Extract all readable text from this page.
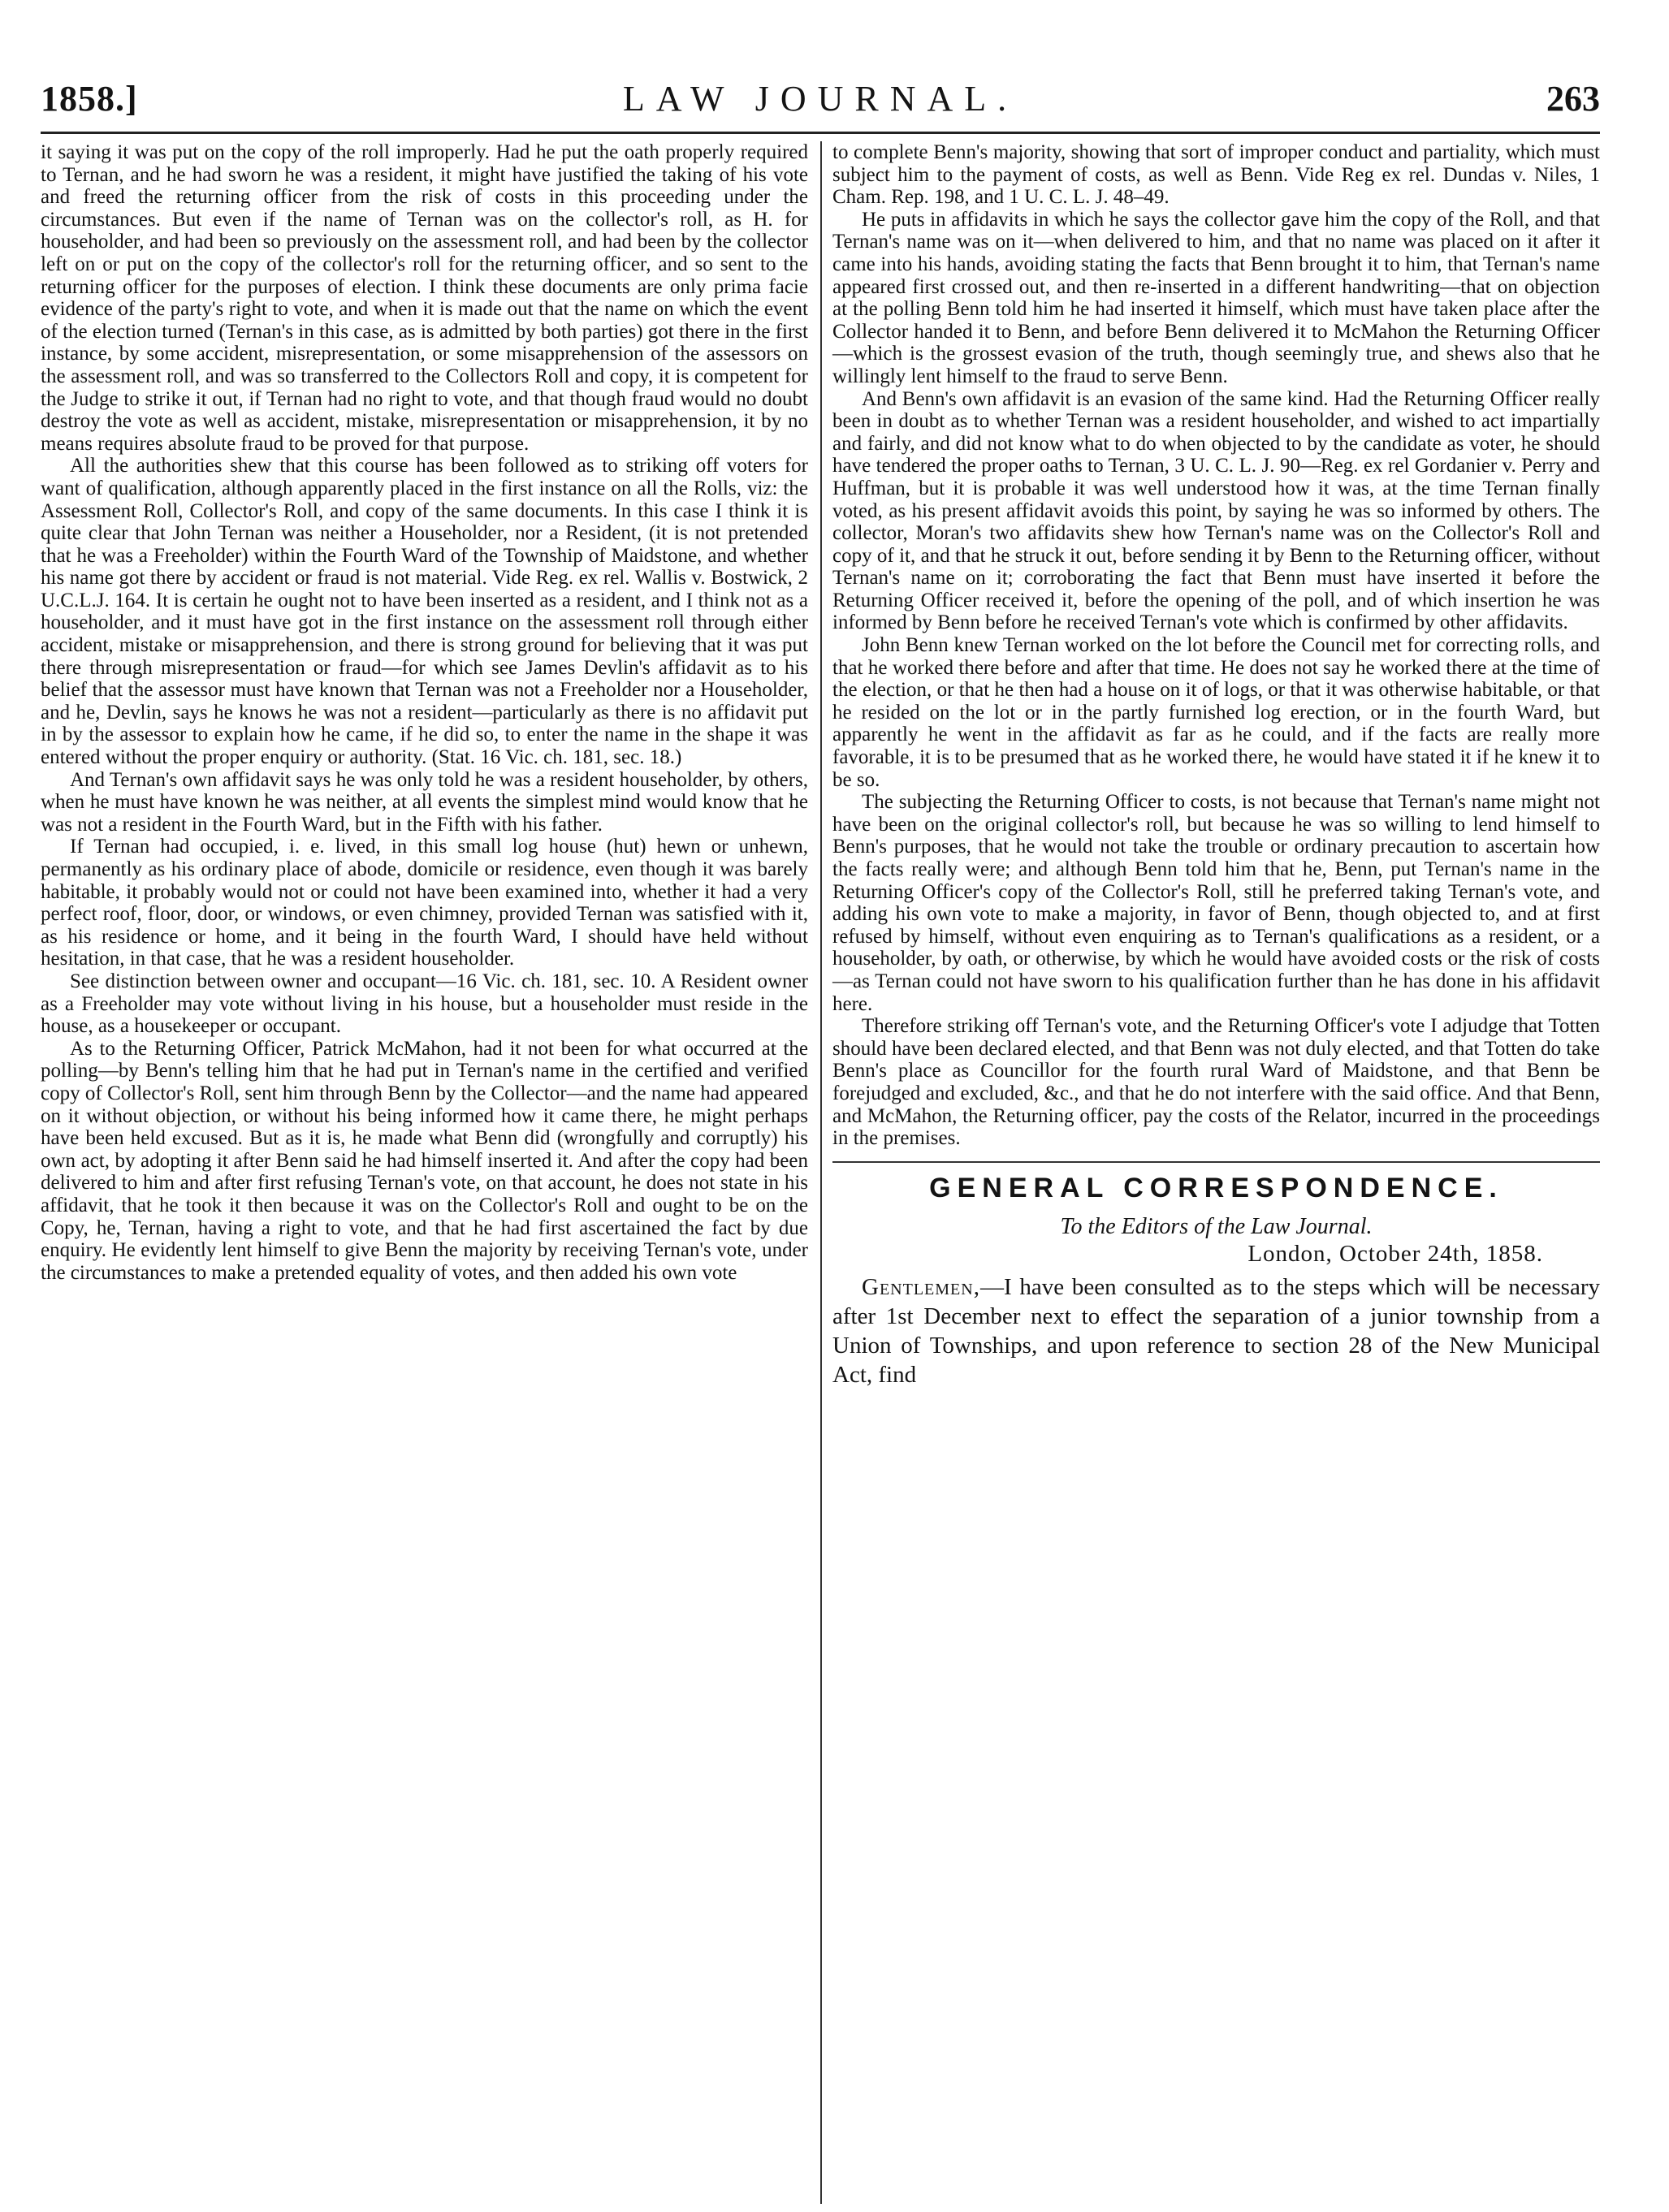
LAW JOURNAL.
1858.]	263

it saying it was put on the copy of the roll improperly. Had he put the oath properly required to Ternan, and he had sworn he was a resident, it might have justified the taking of his vote and freed the returning officer from the risk of costs in this proceeding under the circumstances. But even if the name of Ternan was on the collector's roll, as H. for householder, and had been so previously on the assessment roll, and had been by the collector left on or put on the copy of the collector's roll for the returning officer, and so sent to the returning officer for the purposes of election. I think these documents are only prima facie evidence of the party's right to vote, and when it is made out that the name on which the event of the election turned (Ternan's in this case, as is admitted by both parties) got there in the first instance, by some accident, misrepresentation, or some misapprehension of the assessors on the assessment roll, and was so transferred to the Collectors Roll and copy, it is competent for the Judge to strike it out, if Ternan had no right to vote, and that though fraud would no doubt destroy the vote as well as accident, mistake, misrepresentation or misapprehension, it by no means requires absolute fraud to be proved for that purpose.

All the authorities shew that this course has been followed as to striking off voters for want of qualification, although apparently placed in the first instance on all the Rolls, viz: the Assessment Roll, Collector's Roll, and copy of the same documents. In this case I think it is quite clear that John Ternan was neither a Householder, nor a Resident, (it is not pretended that he was a Freeholder) within the Fourth Ward of the Township of Maidstone, and whether his name got there by accident or fraud is not material. Vide Reg. ex rel. Wallis v. Bostwick, 2 U.C.L.J. 164. It is certain he ought not to have been inserted as a resident, and I think not as a householder, and it must have got in the first instance on the assessment roll through either accident, mistake or misapprehension, and there is strong ground for believing that it was put there through misrepresentation or fraud—for which see James Devlin's affidavit as to his belief that the assessor must have known that Ternan was not a Freeholder nor a Householder, and he, Devlin, says he knows he was not a resident—particularly as there is no affidavit put in by the assessor to explain how he came, if he did so, to enter the name in the shape it was entered without the proper enquiry or authority. (Stat. 16 Vic. ch. 181, sec. 18.)

And Ternan's own affidavit says he was only told he was a resident householder, by others, when he must have known he was neither, at all events the simplest mind would know that he was not a resident in the Fourth Ward, but in the Fifth with his father.

If Ternan had occupied, i. e. lived, in this small log house (hut) hewn or unhewn, permanently as his ordinary place of abode, domicile or residence, even though it was barely habitable, it probably would not or could not have been examined into, whether it had a very perfect roof, floor, door, or windows, or even chimney, provided Ternan was satisfied with it, as his residence or home, and it being in the fourth Ward, I should have held without hesitation, in that case, that he was a resident householder.

See distinction between owner and occupant—16 Vic. ch. 181, sec. 10. A Resident owner as a Freeholder may vote without living in his house, but a householder must reside in the house, as a housekeeper or occupant.

As to the Returning Officer, Patrick McMahon, had it not been for what occurred at the polling—by Benn's telling him that he had put in Ternan's name in the certified and verified copy of Collector's Roll, sent him through Benn by the Collector—and the name had appeared on it without objection, or without his being informed how it came there, he might perhaps have been held excused. But as it is, he made what Benn did (wrongfully and corruptly) his own act, by adopting it after Benn said he had himself inserted it. And after the copy had been delivered to him and after first refusing Ternan's vote, on that account, he does not state in his affidavit, that he took it then because it was on the Collector's Roll and ought to be on the Copy, he, Ternan, having a right to vote, and that he had first ascertained the fact by due enquiry. He evidently lent himself to give Benn the majority by receiving Ternan's vote, under the circumstances to make a pretended equality of votes, and then added his own vote

to complete Benn's majority, showing that sort of improper conduct and partiality, which must subject him to the payment of costs, as well as Benn. Vide Reg ex rel. Dundas v. Niles, 1 Cham. Rep. 198, and 1 U. C. L. J. 48–49.

He puts in affidavits in which he says the collector gave him the copy of the Roll, and that Ternan's name was on it—when delivered to him, and that no name was placed on it after it came into his hands, avoiding stating the facts that Benn brought it to him, that Ternan's name appeared first crossed out, and then re-inserted in a different handwriting—that on objection at the polling Benn told him he had inserted it himself, which must have taken place after the Collector handed it to Benn, and before Benn delivered it to McMahon the Returning Officer—which is the grossest evasion of the truth, though seemingly true, and shews also that he willingly lent himself to the fraud to serve Benn.

And Benn's own affidavit is an evasion of the same kind. Had the Returning Officer really been in doubt as to whether Ternan was a resident householder, and wished to act impartially and fairly, and did not know what to do when objected to by the candidate as voter, he should have tendered the proper oaths to Ternan, 3 U. C. L. J. 90—Reg. ex rel Gordanier v. Perry and Huffman, but it is probable it was well understood how it was, at the time Ternan finally voted, as his present affidavit avoids this point, by saying he was so informed by others. The collector, Moran's two affidavits shew how Ternan's name was on the Collector's Roll and copy of it, and that he struck it out, before sending it by Benn to the Returning officer, without Ternan's name on it; corroborating the fact that Benn must have inserted it before the Returning Officer received it, before the opening of the poll, and of which insertion he was informed by Benn before he received Ternan's vote which is confirmed by other affidavits.

John Benn knew Ternan worked on the lot before the Council met for correcting rolls, and that he worked there before and after that time. He does not say he worked there at the time of the election, or that he then had a house on it of logs, or that it was otherwise habitable, or that he resided on the lot or in the partly furnished log erection, or in the fourth Ward, but apparently he went in the affidavit as far as he could, and if the facts are really more favorable, it is to be presumed that as he worked there, he would have stated it if he knew it to be so.

The subjecting the Returning Officer to costs, is not because that Ternan's name might not have been on the original collector's roll, but because he was so willing to lend himself to Benn's purposes, that he would not take the trouble or ordinary precaution to ascertain how the facts really were; and although Benn told him that he, Benn, put Ternan's name in the Returning Officer's copy of the Collector's Roll, still he preferred taking Ternan's vote, and adding his own vote to make a majority, in favor of Benn, though objected to, and at first refused by himself, without even enquiring as to Ternan's qualifications as a resident, or a householder, by oath, or otherwise, by which he would have avoided costs or the risk of costs—as Ternan could not have sworn to his qualification further than he has done in his affidavit here.

Therefore striking off Ternan's vote, and the Returning Officer's vote I adjudge that Totten should have been declared elected, and that Benn was not duly elected, and that Totten do take Benn's place as Councillor for the fourth rural Ward of Maidstone, and that Benn be forejudged and excluded, &c., and that he do not interfere with the said office. And that Benn, and McMahon, the Returning officer, pay the costs of the Relator, incurred in the proceedings in the premises.

GENERAL CORRESPONDENCE.
To the Editors of the Law Journal.
London, October 24th, 1858.

Gentlemen,—I have been consulted as to the steps which will be necessary after 1st December next to effect the separation of a junior township from a Union of Townships, and upon reference to section 28 of the New Municipal Act, find
